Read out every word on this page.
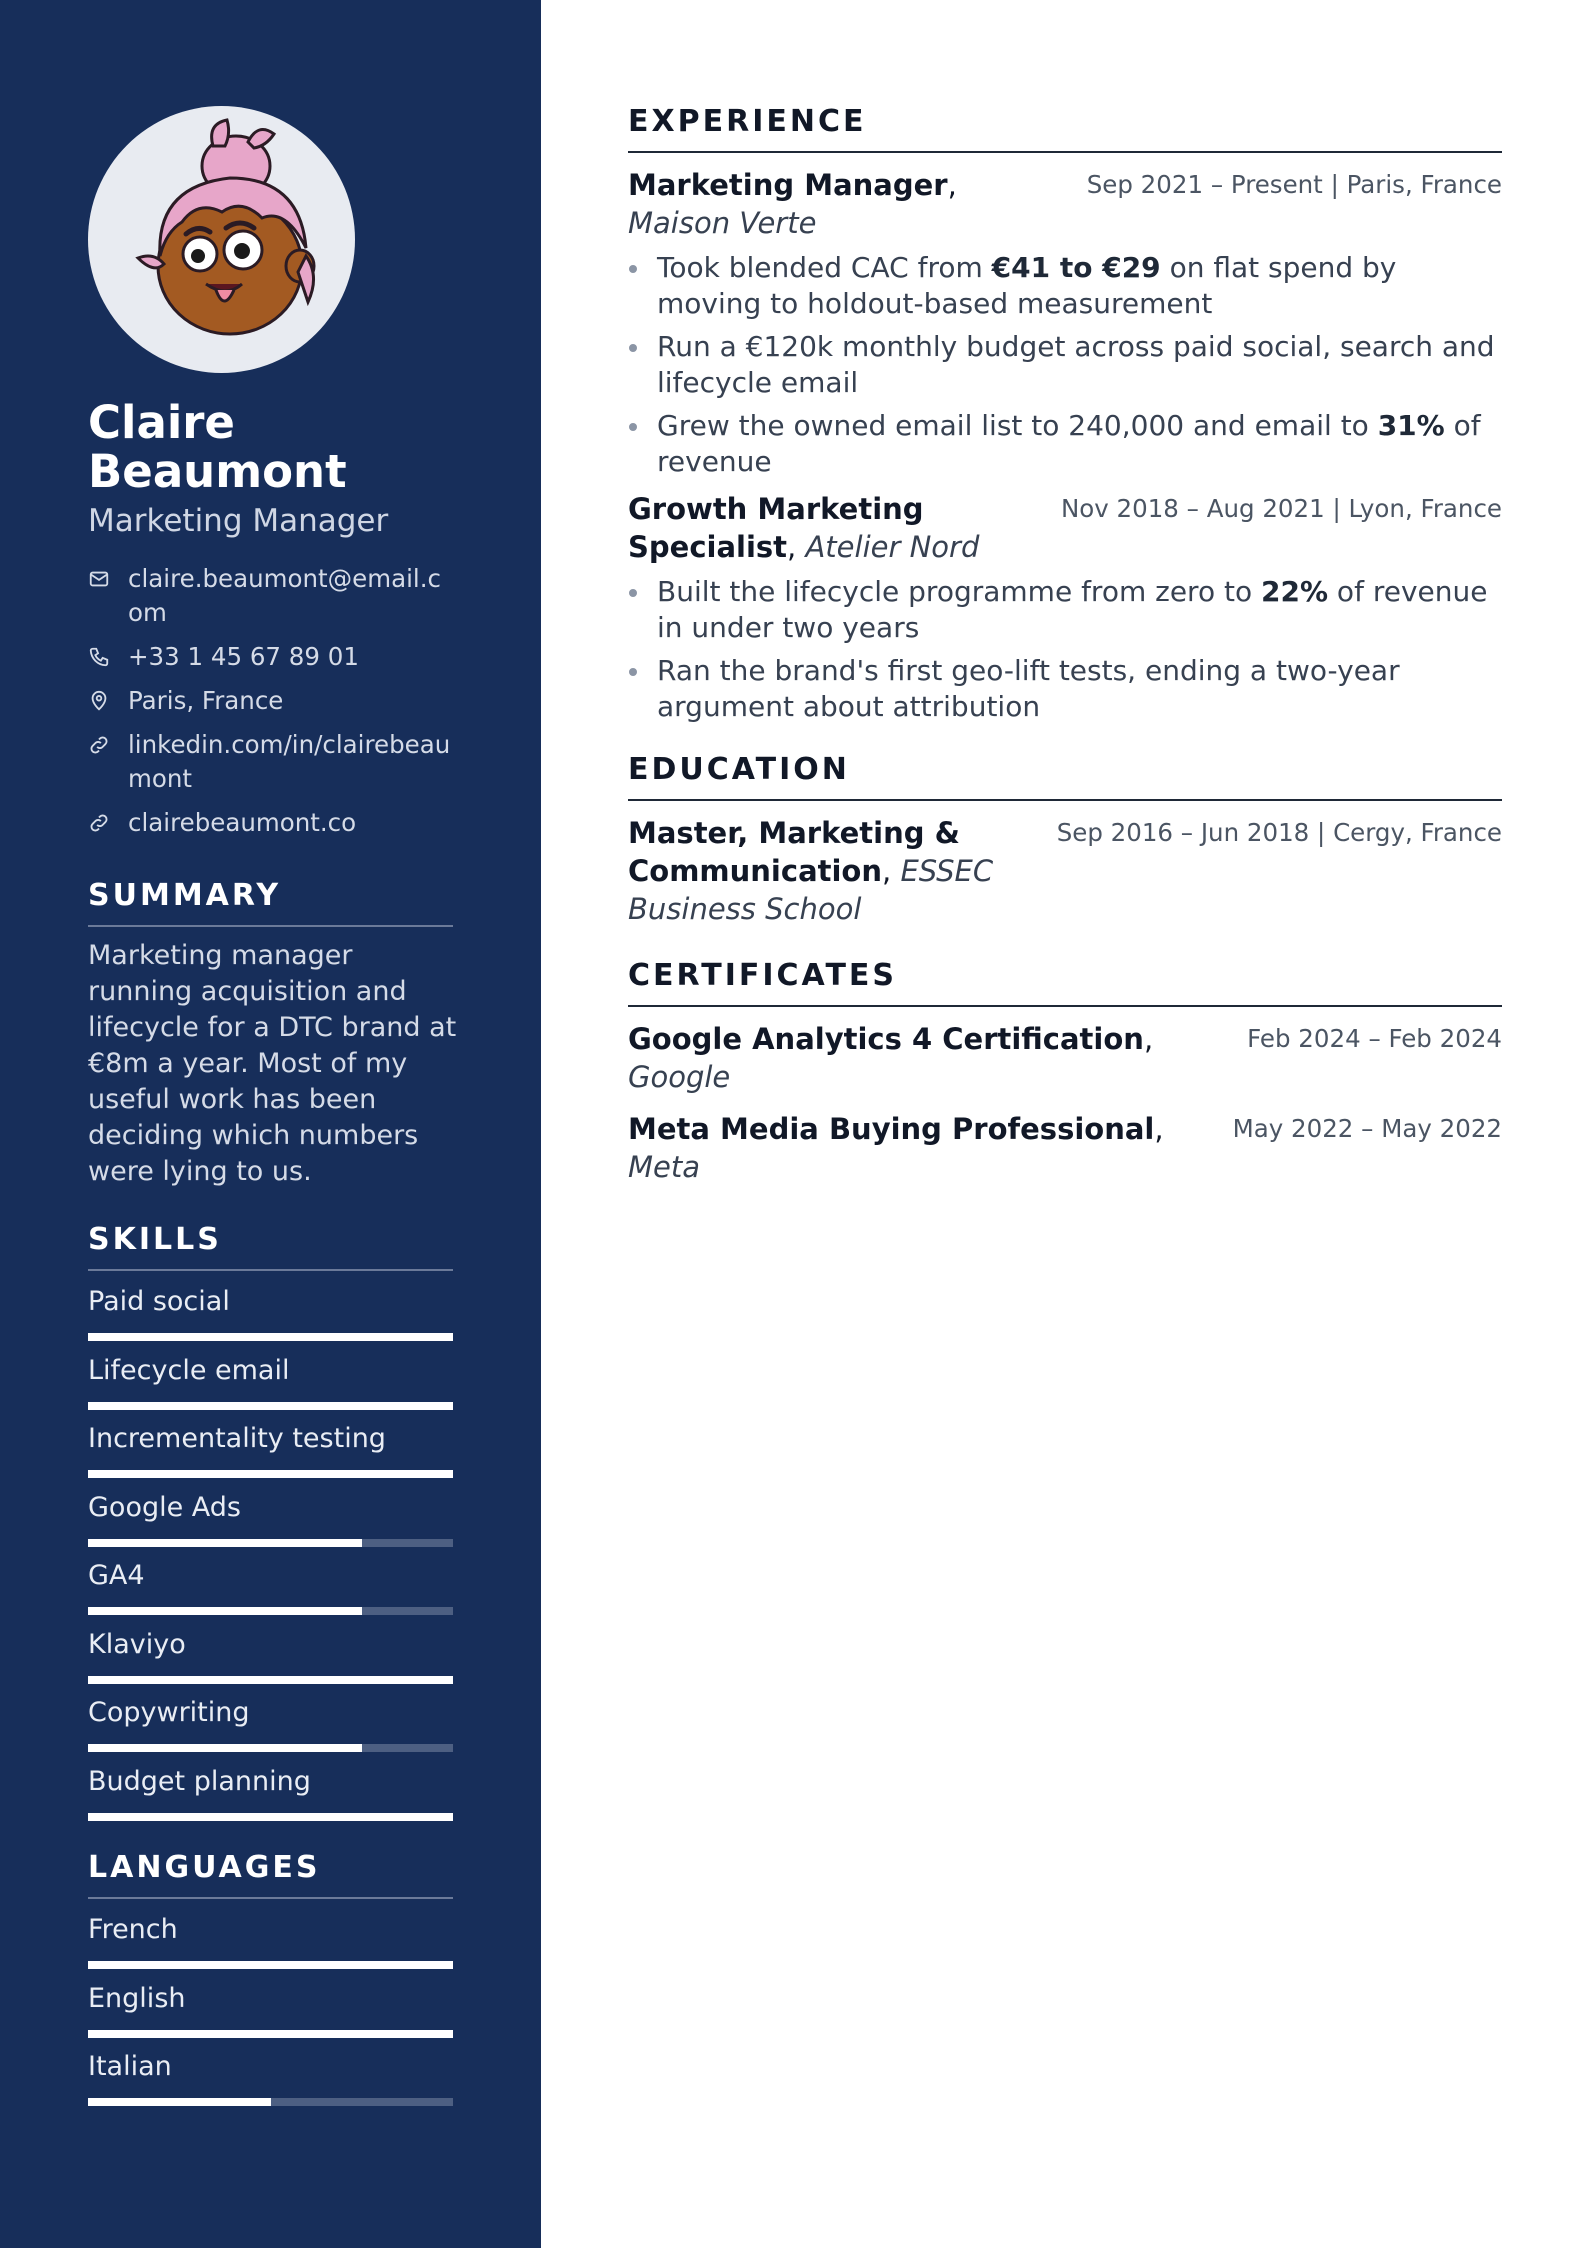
Claire Beaumont
Marketing Manager
claire.beaumont@email.com
+33 1 45 67 89 01
Paris, France
linkedin.com/in/clairebeaumont
clairebeaumont.co
SUMMARY
Marketing manager running acquisition and lifecycle for a DTC brand at €8m a year. Most of my useful work has been deciding which numbers were lying to us.
SKILLS
Paid social
Lifecycle email
Incrementality testing
Google Ads
GA4
Klaviyo
Copywriting
Budget planning
LANGUAGES
French
English
Italian
EXPERIENCE
Marketing Manager, Maison Verte
Sep 2021 – Present | Paris, France
Took blended CAC from €41 to €29 on flat spend by moving to holdout-based measurement
Run a €120k monthly budget across paid social, search and lifecycle email
Grew the owned email list to 240,000 and email to 31% of revenue
Growth Marketing Specialist, Atelier Nord
Nov 2018 – Aug 2021 | Lyon, France
Built the lifecycle programme from zero to 22% of revenue in under two years
Ran the brand's first geo-lift tests, ending a two-year argument about attribution
EDUCATION
Master, Marketing & Communication, ESSEC Business School
Sep 2016 – Jun 2018 | Cergy, France
CERTIFICATES
Google Analytics 4 Certification, Google
Feb 2024 – Feb 2024
Meta Media Buying Professional, Meta
May 2022 – May 2022
